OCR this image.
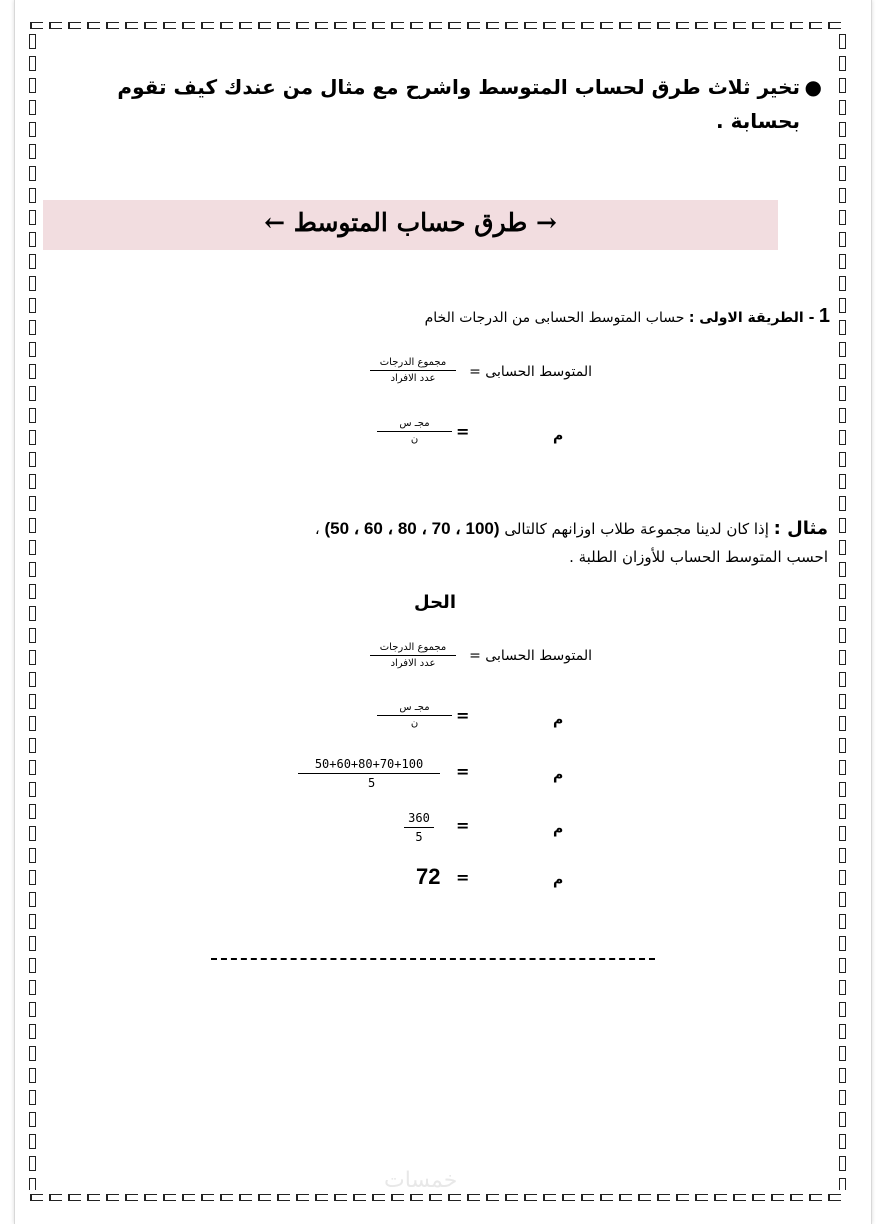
●
تخير ثلاث طرق لحساب المتوسط واشرح مع مثال من عندك كيف تقوم بحسابة .
→ طرق حساب المتوسط ←
1 - الطريقة الاولى : حساب المتوسط الحسابى من الدرجات الخام
المتوسط الحسابى =
مجموع الدرجات
عدد الافراد
م
=
مجـ س
ن
مثال : إذا كان لدينا مجموعة طلاب اوزانهم كالتالى (50 ، 60 ، 80 ، 70 ، 100) ،
احسب المتوسط الحساب للأوزان الطلبة .
الحل
المتوسط الحسابى =
مجموع الدرجات
عدد الافراد
م
=
مجـ س
ن
م
=
50+60+80+70+100
5
م
=
360
5
م
=
72
خمسات
